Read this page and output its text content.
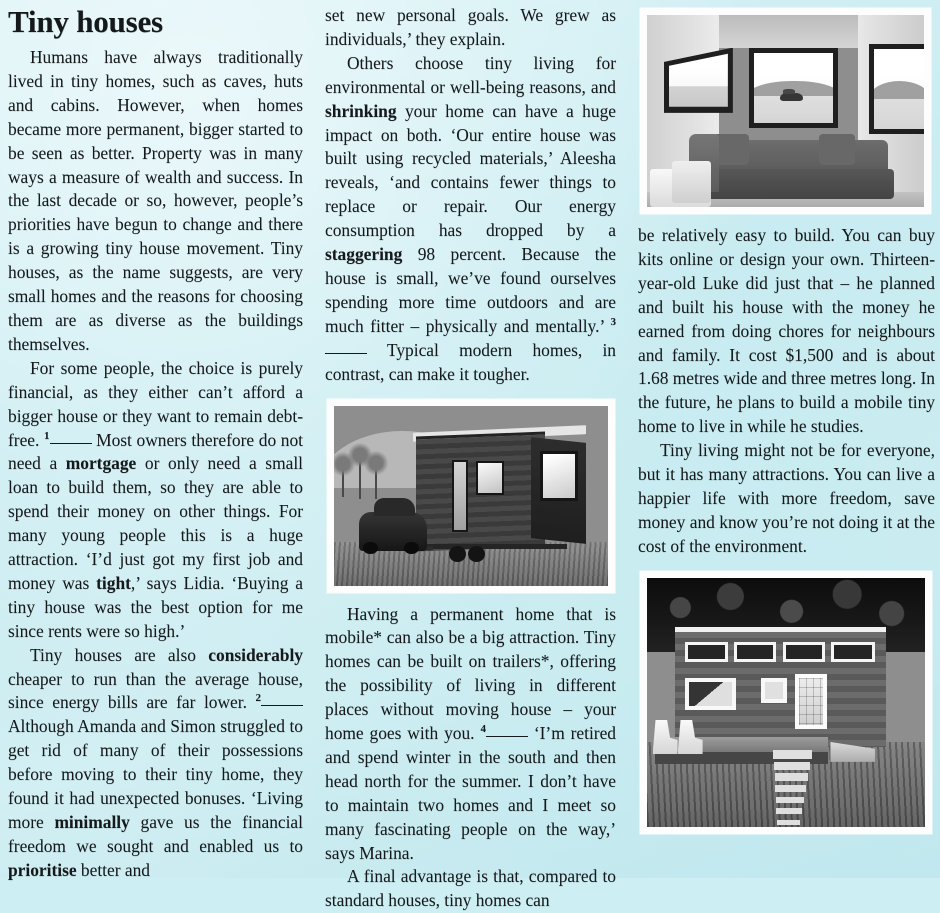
Tiny houses

Humans have always traditionally lived in tiny homes, such as caves, huts and cabins. However, when homes became more permanent, bigger started to be seen as better. Property was in many ways a measure of wealth and success. In the last decade or so, however, people’s priorities have begun to change and there is a growing tiny house movement. Tiny houses, as the name suggests, are very small homes and the reasons for choosing them are as diverse as the buildings themselves.

For some people, the choice is purely financial, as they either can’t afford a bigger house or they want to remain debt-free. $^1$ Most owners therefore do not need a mortgage or only need a small loan to build them, so they are able to spend their money on other things. For many young people this is a huge attraction. ‘I’d just got my first job and money was tight,’ says Lidia. ‘Buying a tiny house was the best option for me since rents were so high.’

Tiny houses are also considerably cheaper to run than the average house, since energy bills are far lower. $^2$ Although Amanda and Simon struggled to get rid of many of their possessions before moving to their tiny home, they found it had unexpected bonuses. ‘Living more minimally gave us the financial freedom we sought and enabled us to prioritise better and

set new personal goals. We grew as individuals,’ they explain.

Others choose tiny living for environmental or well-being reasons, and shrinking your home can have a huge impact on both. ‘Our entire house was built using recycled materials,’ Aleesha reveals, ‘and contains fewer things to replace or repair. Our energy consumption has dropped by a staggering 98 percent. Because the house is small, we’ve found ourselves spending more time outdoors and are much fitter – physically and mentally.’ $^3$ Typical modern homes, in contrast, can make it tougher.

Having a permanent home that is mobile* can also be a big attraction. Tiny homes can be built on trailers*, offering the possibility of living in different places without moving house – your home goes with you. $^4$ ‘I’m retired and spend winter in the south and then head north for the summer. I don’t have to maintain two homes and I meet so many fascinating people on the way,’ says Marina.

A final advantage is that, compared to standard houses, tiny homes can

be relatively easy to build. You can buy kits online or design your own. Thirteen-year-old Luke did just that – he planned and built his house with the money he earned from doing chores for neighbours and family. It cost $1,500 and is about 1.68 metres wide and three metres long. In the future, he plans to build a mobile tiny home to live in while he studies.

Tiny living might not be for everyone, but it has many attractions. You can live a happier life with more freedom, save money and know you’re not doing it at the cost of the environment.
